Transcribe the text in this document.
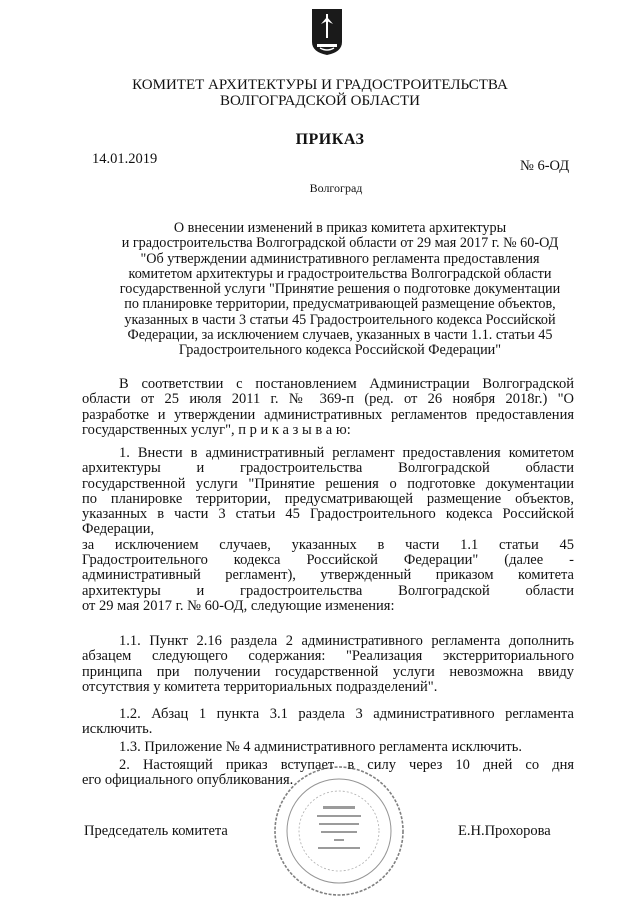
КОМИТЕТ АРХИТЕКТУРЫ И ГРАДОСТРОИТЕЛЬСТВА
ВОЛГОГРАДСКОЙ ОБЛАСТИ
ПРИКАЗ
14.01.2019	№ 6-ОД
Волгоград
О внесении изменений в приказ комитета архитектуры
и градостроительства Волгоградской области от 29 мая 2017 г. № 60-ОД
"Об утверждении административного регламента предоставления
комитетом архитектуры и градостроительства Волгоградской области
государственной услуги "Принятие решения о подготовке документации
по планировке территории, предусматривающей размещение объектов,
указанных в части 3 статьи 45 Градостроительного кодекса Российской
Федерации, за исключением случаев, указанных в части 1.1. статьи 45
Градостроительного кодекса Российской Федерации"
В соответствии с постановлением Администрации Волгоградской
области от 25 июля 2011 г. № 369-п (ред. от 26 ноября 2018г.) "О
разработке и утверждении административных регламентов предоставления
государственных услуг", п р и к а з ы в а ю:
1. Внести в административный регламент предоставления комитетом
архитектуры и градостроительства Волгоградской области
государственной услуги "Принятие решения о подготовке документации
по планировке территории, предусматривающей размещение объектов,
указанных в части 3 статьи 45 Градостроительного кодекса Российской
Федерации,
за исключением случаев, указанных в части 1.1 статьи 45
Градостроительного кодекса Российской Федерации" (далее -
административный регламент), утвержденный приказом комитета
архитектуры и градостроительства Волгоградской области
от 29 мая 2017 г. № 60-ОД, следующие изменения:
1.1. Пункт 2.16 раздела 2 административного регламента дополнить
абзацем следующего содержания: "Реализация экстерриториального
принципа при получении государственной услуги невозможна ввиду
отсутствия у комитета территориальных подразделений".
1.2. Абзац 1 пункта 3.1 раздела 3 административного регламента
исключить.
1.3. Приложение № 4 административного регламента исключить.
2. Настоящий приказ вступает в силу через 10 дней со дня
его официального опубликования.
Председатель комитета	Е.Н.Прохорова
